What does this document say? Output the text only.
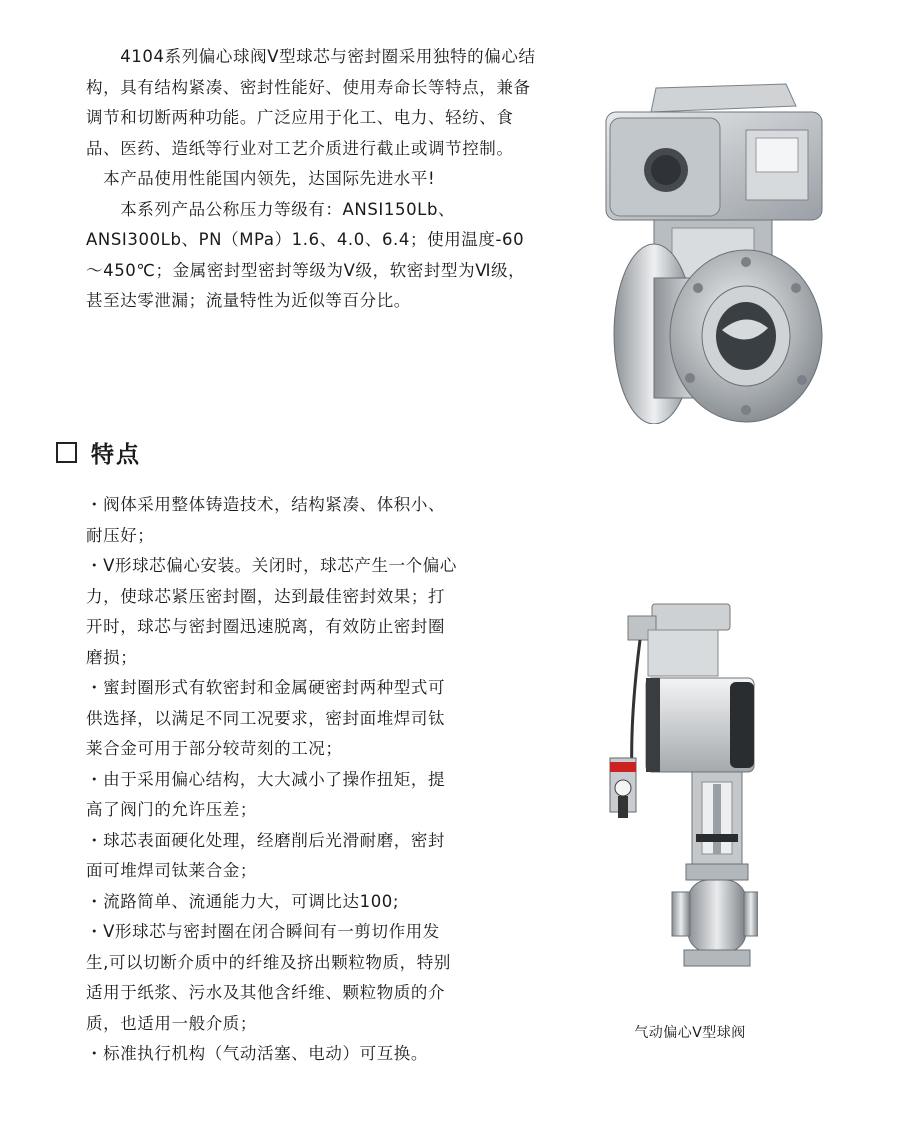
　　4104系列偏心球阀V型球芯与密封圈采用独特的偏心结构，具有结构紧凑、密封性能好、使用寿命长等特点，兼备调节和切断两种功能。广泛应用于化工、电力、轻纺、食品、医药、造纸等行业对工艺介质进行截止或调节控制。

　本产品使用性能国内领先，达国际先进水平!

　　本系列产品公称压力等级有：ANSI150Lb、ANSI300Lb、PN（MPa）1.6、4.0、6.4；使用温度-60～450℃；金属密封型密封等级为Ⅴ级，软密封型为Ⅵ级，甚至达零泄漏；流量特性为近似等百分比。

特点

・阀体采用整体铸造技术，结构紧凑、体积小、耐压好；

・V形球芯偏心安装。关闭时，球芯产生一个偏心力，使球芯紧压密封圈，达到最佳密封效果；打开时，球芯与密封圈迅速脱离，有效防止密封圈磨损；

・蜜封圈形式有软密封和金属硬密封两种型式可供选择，以满足不同工况要求，密封面堆焊司钛莱合金可用于部分较苛刻的工况；

・由于采用偏心结构，大大减小了操作扭矩，提高了阀门的允许压差；

・球芯表面硬化处理，经磨削后光滑耐磨，密封面可堆焊司钛莱合金；

・流路简单、流通能力大，可调比达100;

・V形球芯与密封圈在闭合瞬间有一剪切作用发生,可以切断介质中的纤维及挤出颗粒物质，特别适用于纸浆、污水及其他含纤维、颗粒物质的介质，也适用一般介质；

・标准执行机构（气动活塞、电动）可互换。

气动偏心V型球阀
